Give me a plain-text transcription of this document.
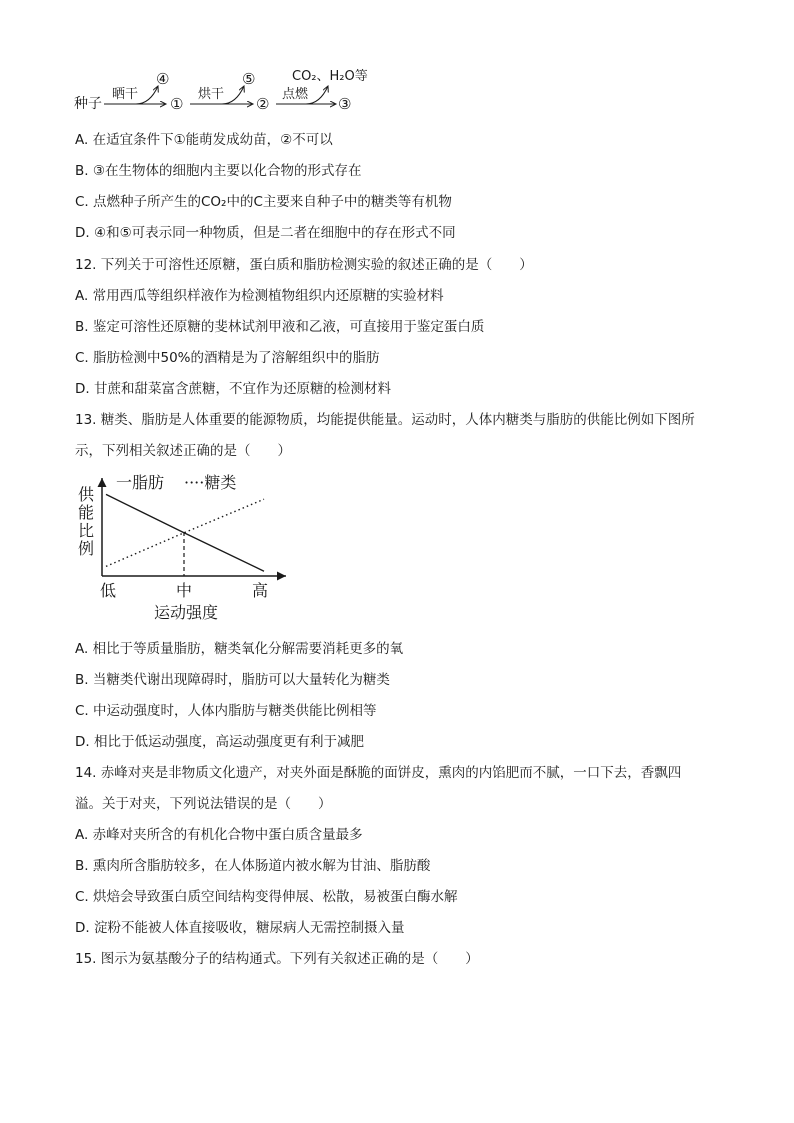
种子
晒干
④
①
烘干
⑤
②
点燃
CO₂、H₂O等
③
A. 在适宜条件下①能萌发成幼苗，②不可以
B. ③在生物体的细胞内主要以化合物的形式存在
C. 点燃种子所产生的CO₂中的C主要来自种子中的糖类等有机物
D. ④和⑤可表示同一种物质，但是二者在细胞中的存在形式不同
12. 下列关于可溶性还原糖，蛋白质和脂肪检测实验的叙述正确的是（　　）
A. 常用西瓜等组织样液作为检测植物组织内还原糖的实验材料
B. 鉴定可溶性还原糖的斐林试剂甲液和乙液，可直接用于鉴定蛋白质
C. 脂肪检测中50%的酒精是为了溶解组织中的脂肪
D. 甘蔗和甜菜富含蔗糖，不宜作为还原糖的检测材料
13. 糖类、脂肪是人体重要的能源物质，均能提供能量。运动时，人体内糖类与脂肪的供能比例如下图所
示，下列相关叙述正确的是（　　）
一脂肪 ····糖类
供
能
比
例
低	中	高
运动强度
A. 相比于等质量脂肪，糖类氧化分解需要消耗更多的氧
B. 当糖类代谢出现障碍时，脂肪可以大量转化为糖类
C. 中运动强度时，人体内脂肪与糖类供能比例相等
D. 相比于低运动强度，高运动强度更有利于减肥
14. 赤峰对夹是非物质文化遗产，对夹外面是酥脆的面饼皮，熏肉的内馅肥而不腻，一口下去，香飘四
溢。关于对夹，下列说法错误的是（　　）
A. 赤峰对夹所含的有机化合物中蛋白质含量最多
B. 熏肉所含脂肪较多，在人体肠道内被水解为甘油、脂肪酸
C. 烘焙会导致蛋白质空间结构变得伸展、松散，易被蛋白酶水解
D. 淀粉不能被人体直接吸收，糖尿病人无需控制摄入量
15. 图示为氨基酸分子的结构通式。下列有关叙述正确的是（　　）
